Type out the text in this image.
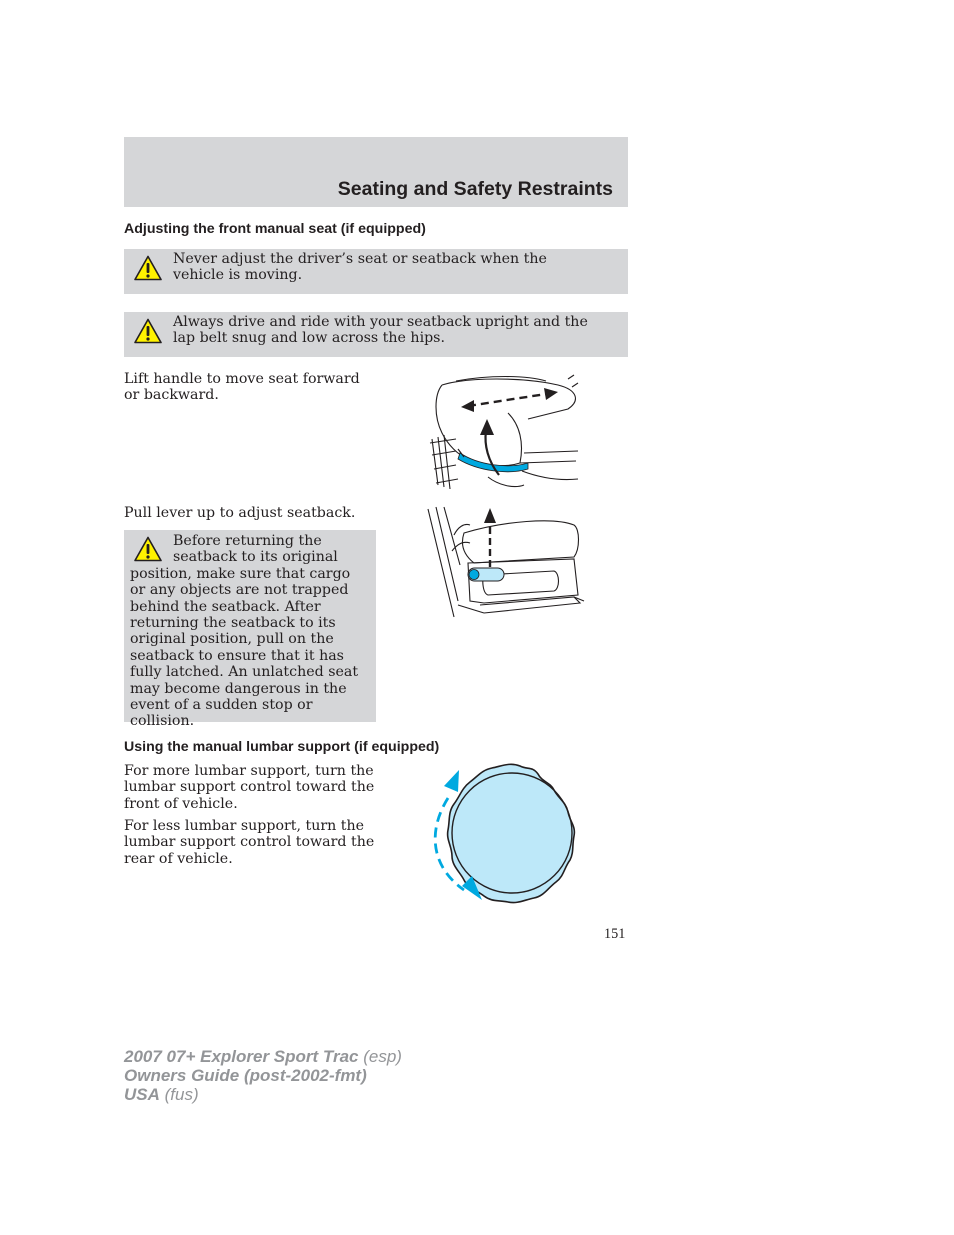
Seating and Safety Restraints
Adjusting the front manual seat (if equipped)

Never adjust the driver’s seat or seatback when the vehicle is moving.

Always drive and ride with your seatback upright and the lap belt snug and low across the hips.

Lift handle to move seat forward or backward.

Pull lever up to adjust seatback.

Before returning the seatback to its original position, make sure that cargo or any objects are not trapped behind the seatback. After returning the seatback to its original position, pull on the seatback to ensure that it has fully latched. An unlatched seat may become dangerous in the event of a sudden stop or collision.
Using the manual lumbar support (if equipped)

For more lumbar support, turn the lumbar support control toward the front of vehicle.

For less lumbar support, turn the lumbar support control toward the rear of vehicle.

151

2007 07+ Explorer Sport Trac (esp)

Owners Guide (post-2002-fmt)

USA (fus)
